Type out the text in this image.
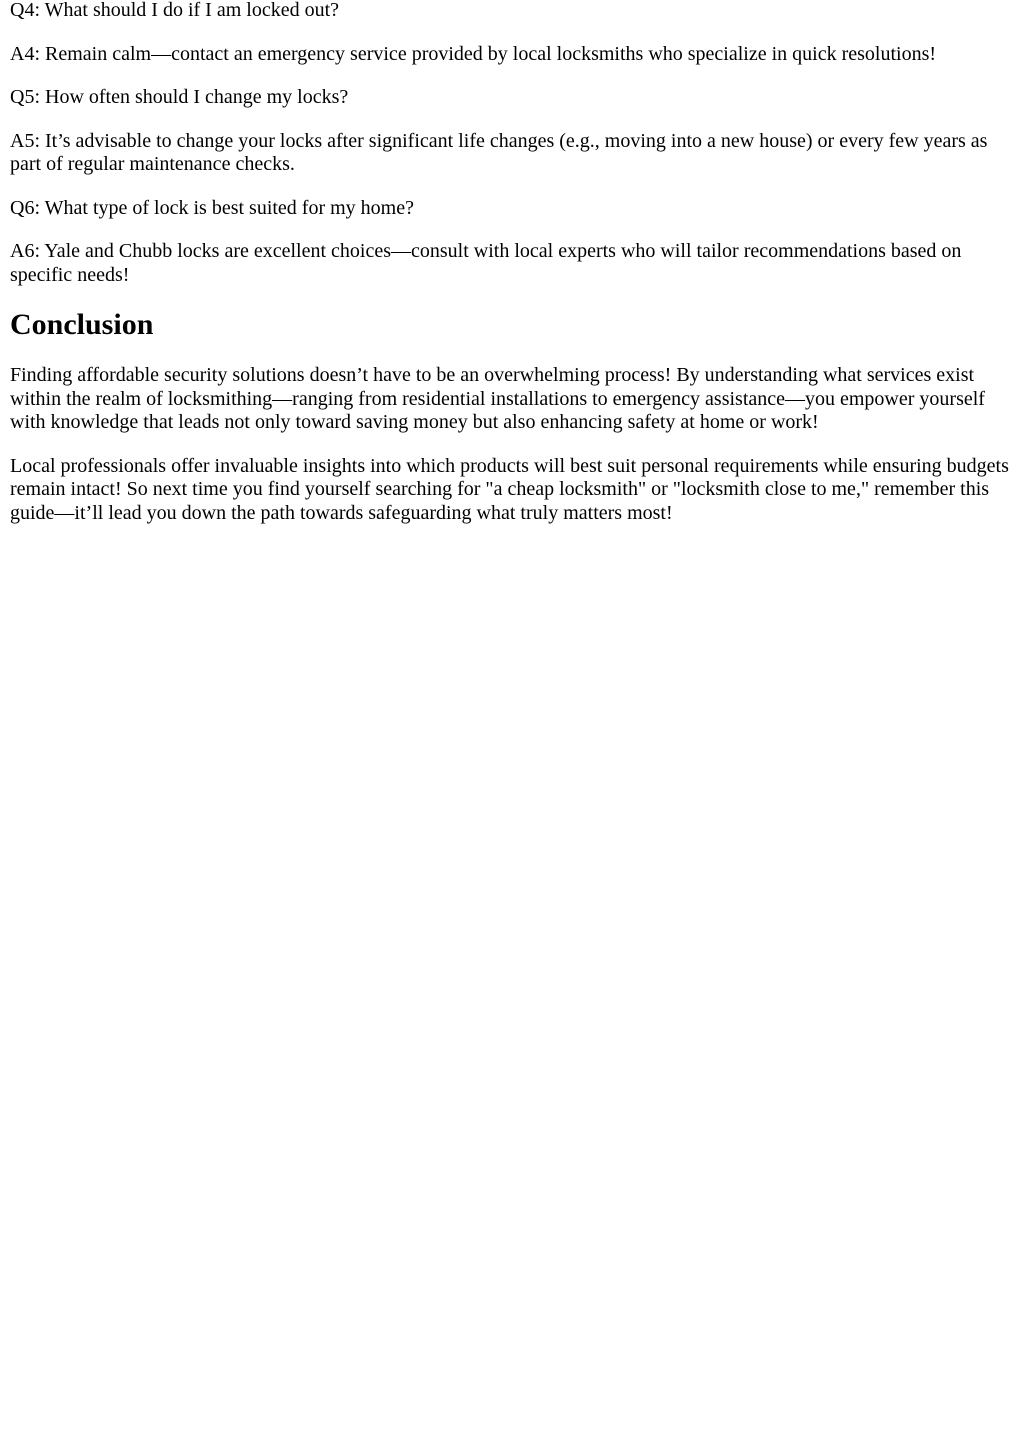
Q4: What should I do if I am locked out?

A4: Remain calm—contact an emergency service provided by local locksmiths who specialize in quick resolutions!

Q5: How often should I change my locks?

A5: It’s advisable to change your locks after significant life changes (e.g., moving into a new house) or every few years as part of regular maintenance checks.

Q6: What type of lock is best suited for my home?

A6: Yale and Chubb locks are excellent choices—consult with local experts who will tailor recommendations based on specific needs!

Conclusion

Finding affordable security solutions doesn’t have to be an overwhelming process! By understanding what services exist within the realm of locksmithing—ranging from residential installations to emergency assistance—you empower yourself with knowledge that leads not only toward saving money but also enhancing safety at home or work!

Local professionals offer invaluable insights into which products will best suit personal requirements while ensuring budgets remain intact! So next time you find yourself searching for "a cheap locksmith" or "locksmith close to me," remember this guide—it’ll lead you down the path towards safeguarding what truly matters most!
